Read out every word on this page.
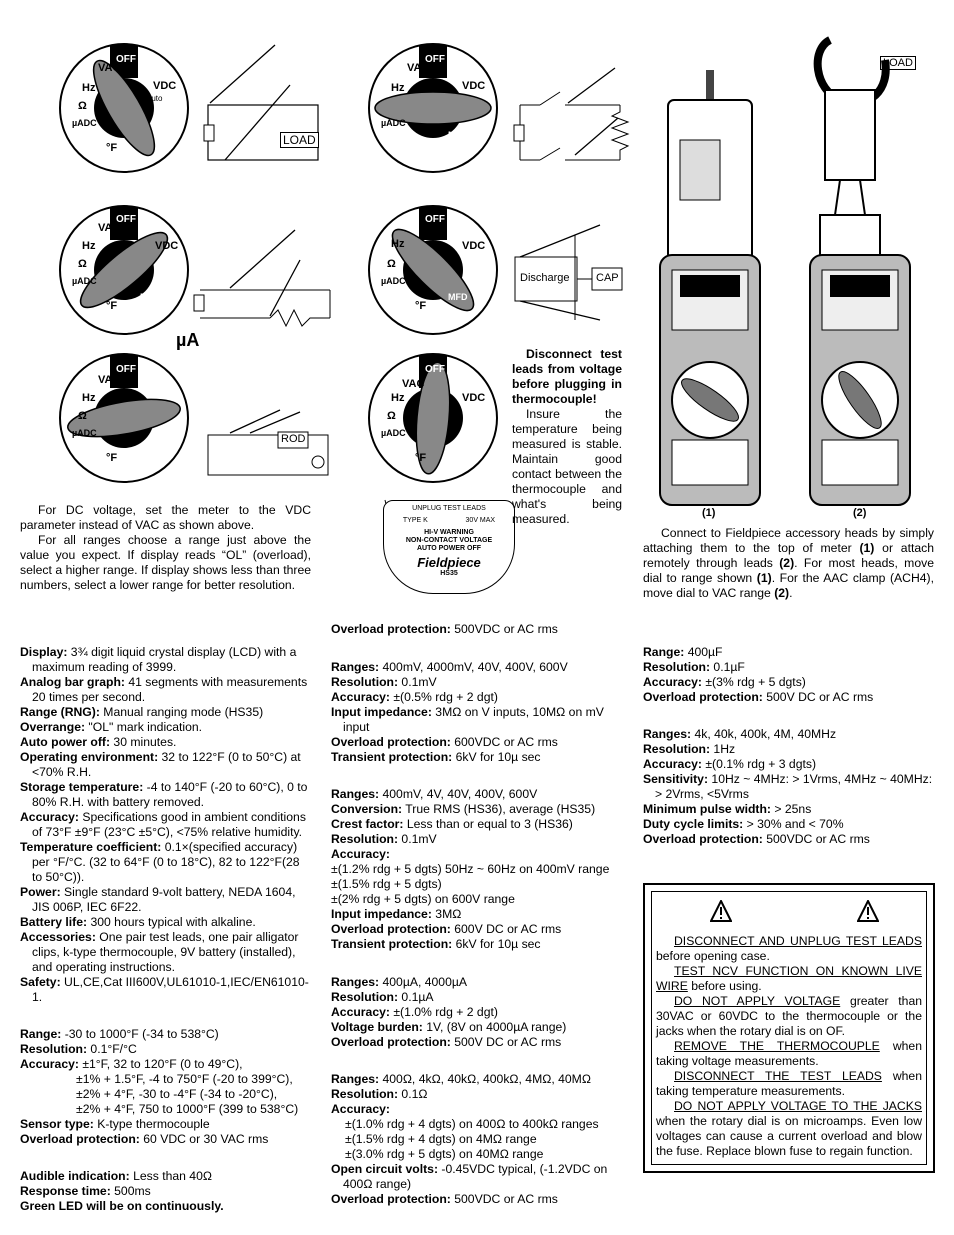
OFF
VAC
VDC
Hz
Ω
µADC
°F
Auto
OFF
VAC
VDC
Hz
µADC
MFD
OFF
VAC
VDC
Hz
Ω
µADC
°F
MFD
OFF
Hz	VDC
Ω
µADC
°F
MFD
OFF
VAC
Hz
Ω
µADC
°F
MFD
OFF
VAC
VDC
Hz
Ω
µADC
°F
MFD
LOAD
LOAD
ROD
Discharge CAP
µA
UNPLUG TEST LEADS
TYPE K	30V MAX
HI-V WARNING
NON-CONTACT VOLTAGE
AUTO POWER OFF
Fieldpiece
HS35
(1)	(2)

Disconnect test leads from voltage before plugging in thermocouple!

Insure the temperature being measured is stable. Maintain good contact between the thermocouple and what's being measured.

For DC voltage, set the meter to the VDC parameter instead of VAC as shown above.

For all ranges choose a range just above the value you expect. If display reads “OL” (overload), select a higher range. If display shows less than three numbers, select a lower range for better resolution.

Connect to Fieldpiece accessory heads by simply attaching them to the top of meter (1) or attach remotely through leads (2). For most heads, move dial to range shown (1). For the AAC clamp (ACH4), move dial to VAC range (2).

Display: 3¾ digit liquid crystal display (LCD) with a maximum reading of 3999.
Analog bar graph: 41 segments with measurements 20 times per second.
Range (RNG): Manual ranging mode (HS35)
Overrange: "OL" mark indication.
Auto power off: 30 minutes.
Operating environment: 32 to 122°F (0 to 50°C) at <70% R.H.
Storage temperature: -4 to 140°F (-20 to 60°C), 0 to 80% R.H. with battery removed.
Accuracy: Specifications good in ambient conditions of 73°F ±9°F (23°C ±5°C), <75% relative humidity.
Temperature coefficient: 0.1×(specified accuracy) per °F/°C. (32 to 64°F (0 to 18°C), 82 to 122°F(28 to 50°C)).
Power: Single standard 9-volt battery, NEDA 1604, JIS 006P, IEC 6F22.
Battery life: 300 hours typical with alkaline.
Accessories: One pair test leads, one pair alligator clips, k-type thermocouple, 9V battery (installed), and operating instructions.
Safety: UL,CE,Cat III600V,UL61010-1,IEC/EN61010-1.
Range: -30 to 1000°F (-34 to 538°C)
Resolution: 0.1°F/°C
Accuracy: ±1°F, 32 to 120°F (0 to 49°C),
±1% + 1.5°F, -4 to 750°F (-20 to 399°C),
±2% + 4°F, -30 to -4°F (-34 to -20°C),
±2% + 4°F, 750 to 1000°F (399 to 538°C)
Sensor type: K-type thermocouple
Overload protection: 60 VDC or 30 VAC rms
Audible indication: Less than 40Ω
Response time: 500ms
Green LED will be on continuously.
Overload protection: 500VDC or AC rms
Ranges: 400mV, 4000mV, 40V, 400V, 600V
Resolution: 0.1mV
Accuracy: ±(0.5% rdg + 2 dgt)
Input impedance: 3MΩ on V inputs, 10MΩ on mV input
Overload protection: 600VDC or AC rms
Transient protection: 6kV for 10µ sec
Ranges: 400mV, 4V, 40V, 400V, 600V
Conversion: True RMS (HS36), average (HS35)
Crest factor: Less than or equal to 3 (HS36)
Resolution: 0.1mV
Accuracy:
±(1.2% rdg + 5 dgts) 50Hz ~ 60Hz on 400mV range
±(1.5% rdg + 5 dgts)
±(2% rdg + 5 dgts) on 600V range
Input impedance: 3MΩ
Overload protection: 600V DC or AC rms
Transient protection: 6kV for 10µ sec
Ranges: 400µA, 4000µA
Resolution: 0.1µA
Accuracy: ±(1.0% rdg + 2 dgt)
Voltage burden: 1V, (8V on 4000µA range)
Overload protection: 500V DC or AC rms
Ranges: 400Ω, 4kΩ, 40kΩ, 400kΩ, 4MΩ, 40MΩ
Resolution: 0.1Ω
Accuracy:
±(1.0% rdg + 4 dgts) on 400Ω to 400kΩ ranges
±(1.5% rdg + 4 dgts) on 4MΩ range
±(3.0% rdg + 5 dgts) on 40MΩ range
Open circuit volts: -0.45VDC typical, (-1.2VDC on 400Ω range)
Overload protection: 500VDC or AC rms
Range: 400µF
Resolution: 0.1µF
Accuracy: ±(3% rdg + 5 dgts)
Overload protection: 500V DC or AC rms
Ranges: 4k, 40k, 400k, 4M, 40MHz
Resolution: 1Hz
Accuracy: ±(0.1% rdg + 3 dgts)
Sensitivity: 10Hz ~ 4MHz: > 1Vrms, 4MHz ~ 40MHz: > 2Vrms, <5Vrms
Minimum pulse width: > 25ns
Duty cycle limits: > 30% and < 70%
Overload protection: 500VDC or AC rms

DISCONNECT AND UNPLUG TEST LEADS before opening case.

TEST NCV FUNCTION ON KNOWN LIVE WIRE before using.

DO NOT APPLY VOLTAGE greater than 30VAC or 60VDC to the thermocouple or the jacks when the rotary dial is on OF.

REMOVE THE THERMOCOUPLE when taking voltage measurements.

DISCONNECT THE TEST LEADS when taking temperature measurements.

DO NOT APPLY VOLTAGE TO THE JACKS when the rotary dial is on microamps. Even low voltages can cause a current overload and blow the fuse. Replace blown fuse to regain function.
